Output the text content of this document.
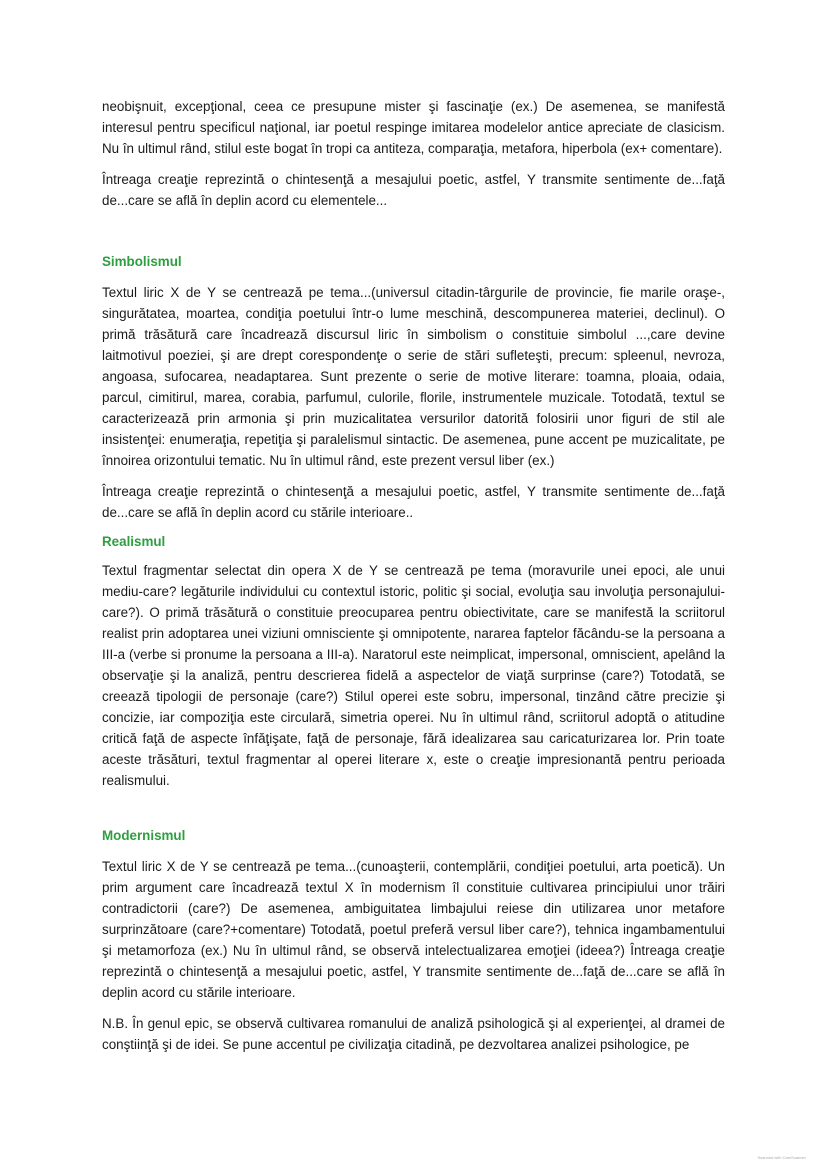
neobişnuit, excepţional, ceea ce presupune mister şi fascinaţie (ex.) De asemenea, se manifestă interesul pentru specificul naţional, iar poetul respinge imitarea modelelor antice apreciate de clasicism. Nu în ultimul rând, stilul este bogat în tropi ca antiteza, comparaţia, metafora, hiperbola (ex+ comentare).

Întreaga creaţie reprezintă o chintesenţă a mesajului poetic, astfel, Y transmite sentimente de...faţă de...care se află în deplin acord cu elementele...

Simbolismul

Textul liric X de Y se centrează pe tema...(universul citadin-târgurile de provincie, fie marile oraşe-, singurătatea, moartea, condiţia poetului într-o lume meschină, descompunerea materiei, declinul). O primă trăsătură care încadrează discursul liric în simbolism o constituie simbolul ...,care devine laitmotivul poeziei, şi are drept corespondenţe o serie de stări sufleteşti, precum: spleenul, nevroza, angoasa, sufocarea, neadaptarea. Sunt prezente o serie de motive literare: toamna, ploaia, odaia, parcul, cimitirul, marea, corabia, parfumul, culorile, florile, instrumentele muzicale. Totodată, textul se caracterizează prin armonia şi prin muzicalitatea versurilor datorită folosirii unor figuri de stil ale insistenţei: enumeraţia, repetiţia şi paralelismul sintactic. De asemenea, pune accent pe muzicalitate, pe înnoirea orizontului tematic. Nu în ultimul rând, este prezent versul liber (ex.)

Întreaga creaţie reprezintă o chintesenţă a mesajului poetic, astfel, Y transmite sentimente de...faţă de...care se află în deplin acord cu stările interioare..

Realismul

Textul fragmentar selectat din opera X de Y se centrează pe tema (moravurile unei epoci, ale unui mediu-care? legăturile individului cu contextul istoric, politic şi social, evoluţia sau involuţia personajului-care?). O primă trăsătură o constituie preocuparea pentru obiectivitate, care se manifestă la scriitorul realist prin adoptarea unei viziuni omnisciente şi omnipotente, nararea faptelor făcându-se la persoana a III-a (verbe si pronume la persoana a III-a). Naratorul este neimplicat, impersonal, omniscient, apelând la observaţie şi la analiză, pentru descrierea fidelă a aspectelor de viaţă surprinse (care?) Totodată, se creează tipologii de personaje (care?) Stilul operei este sobru, impersonal, tinzând către precizie şi concizie, iar compoziţia este circulară, simetria operei. Nu în ultimul rând, scriitorul adoptă o atitudine critică faţă de aspecte înfăţişate, faţă de personaje, fără idealizarea sau caricaturizarea lor. Prin toate aceste trăsături, textul fragmentar al operei literare x, este o creaţie impresionantă pentru perioada realismului.

Modernismul

Textul liric X de Y se centrează pe tema...(cunoaşterii, contemplării, condiţiei poetului, arta poetică). Un prim argument care încadrează textul X în modernism îl constituie cultivarea principiului unor trăiri contradictorii (care?) De asemenea, ambiguitatea limbajului reiese din utilizarea unor metafore surprinzătoare (care?+comentare) Totodată, poetul preferă versul liber care?), tehnica ingambamentului şi metamorfoza (ex.) Nu în ultimul rând, se observă intelectualizarea emoţiei (ideea?) Întreaga creaţie reprezintă o chintesenţă a mesajului poetic, astfel, Y transmite sentimente de...faţă de...care se află în deplin acord cu stările interioare.

N.B. În genul epic, se observă cultivarea romanului de analiză psihologică şi al experienţei, al dramei de conştiinţă şi de idei. Se pune accentul pe civilizaţia citadină, pe dezvoltarea analizei psihologice, pe

Scanned with CamScanner
